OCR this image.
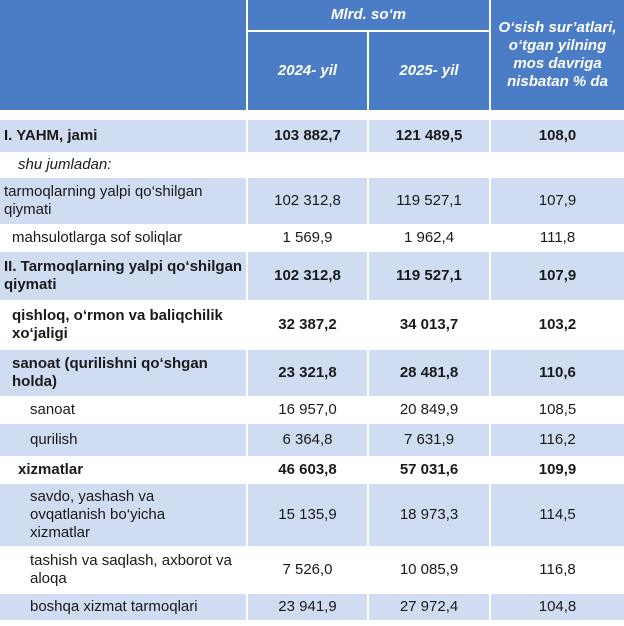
	Mlrd. so‘m		O‘sish sur’atlari, o‘tgan yilning mos davriga nisbatan % da
	2024- yil	2025- yil	

I. YAHM, jami	103 882,7	121 489,5	108,0
shu jumladan:			
tarmoqlarning yalpi qo‘shilgan qiymati	102 312,8	119 527,1	107,9
mahsulotlarga sof soliqlar	1 569,9	1 962,4	111,8
II. Tarmoqlarning yalpi qo‘shilgan qiymati	102 312,8	119 527,1	107,9
qishloq, o‘rmon va baliqchilik xo‘jaligi	32 387,2	34 013,7	103,2
sanoat (qurilishni qo‘shgan holda)	23 321,8	28 481,8	110,6
sanoat	16 957,0	20 849,9	108,5
qurilish	6 364,8	7 631,9	116,2
xizmatlar	46 603,8	57 031,6	109,9
savdo, yashash va ovqatlanish bo‘yicha xizmatlar	15 135,9	18 973,3	114,5
tashish va saqlash, axborot va aloqa	7 526,0	10 085,9	116,8
boshqa xizmat tarmoqlari	23 941,9	27 972,4	104,8
